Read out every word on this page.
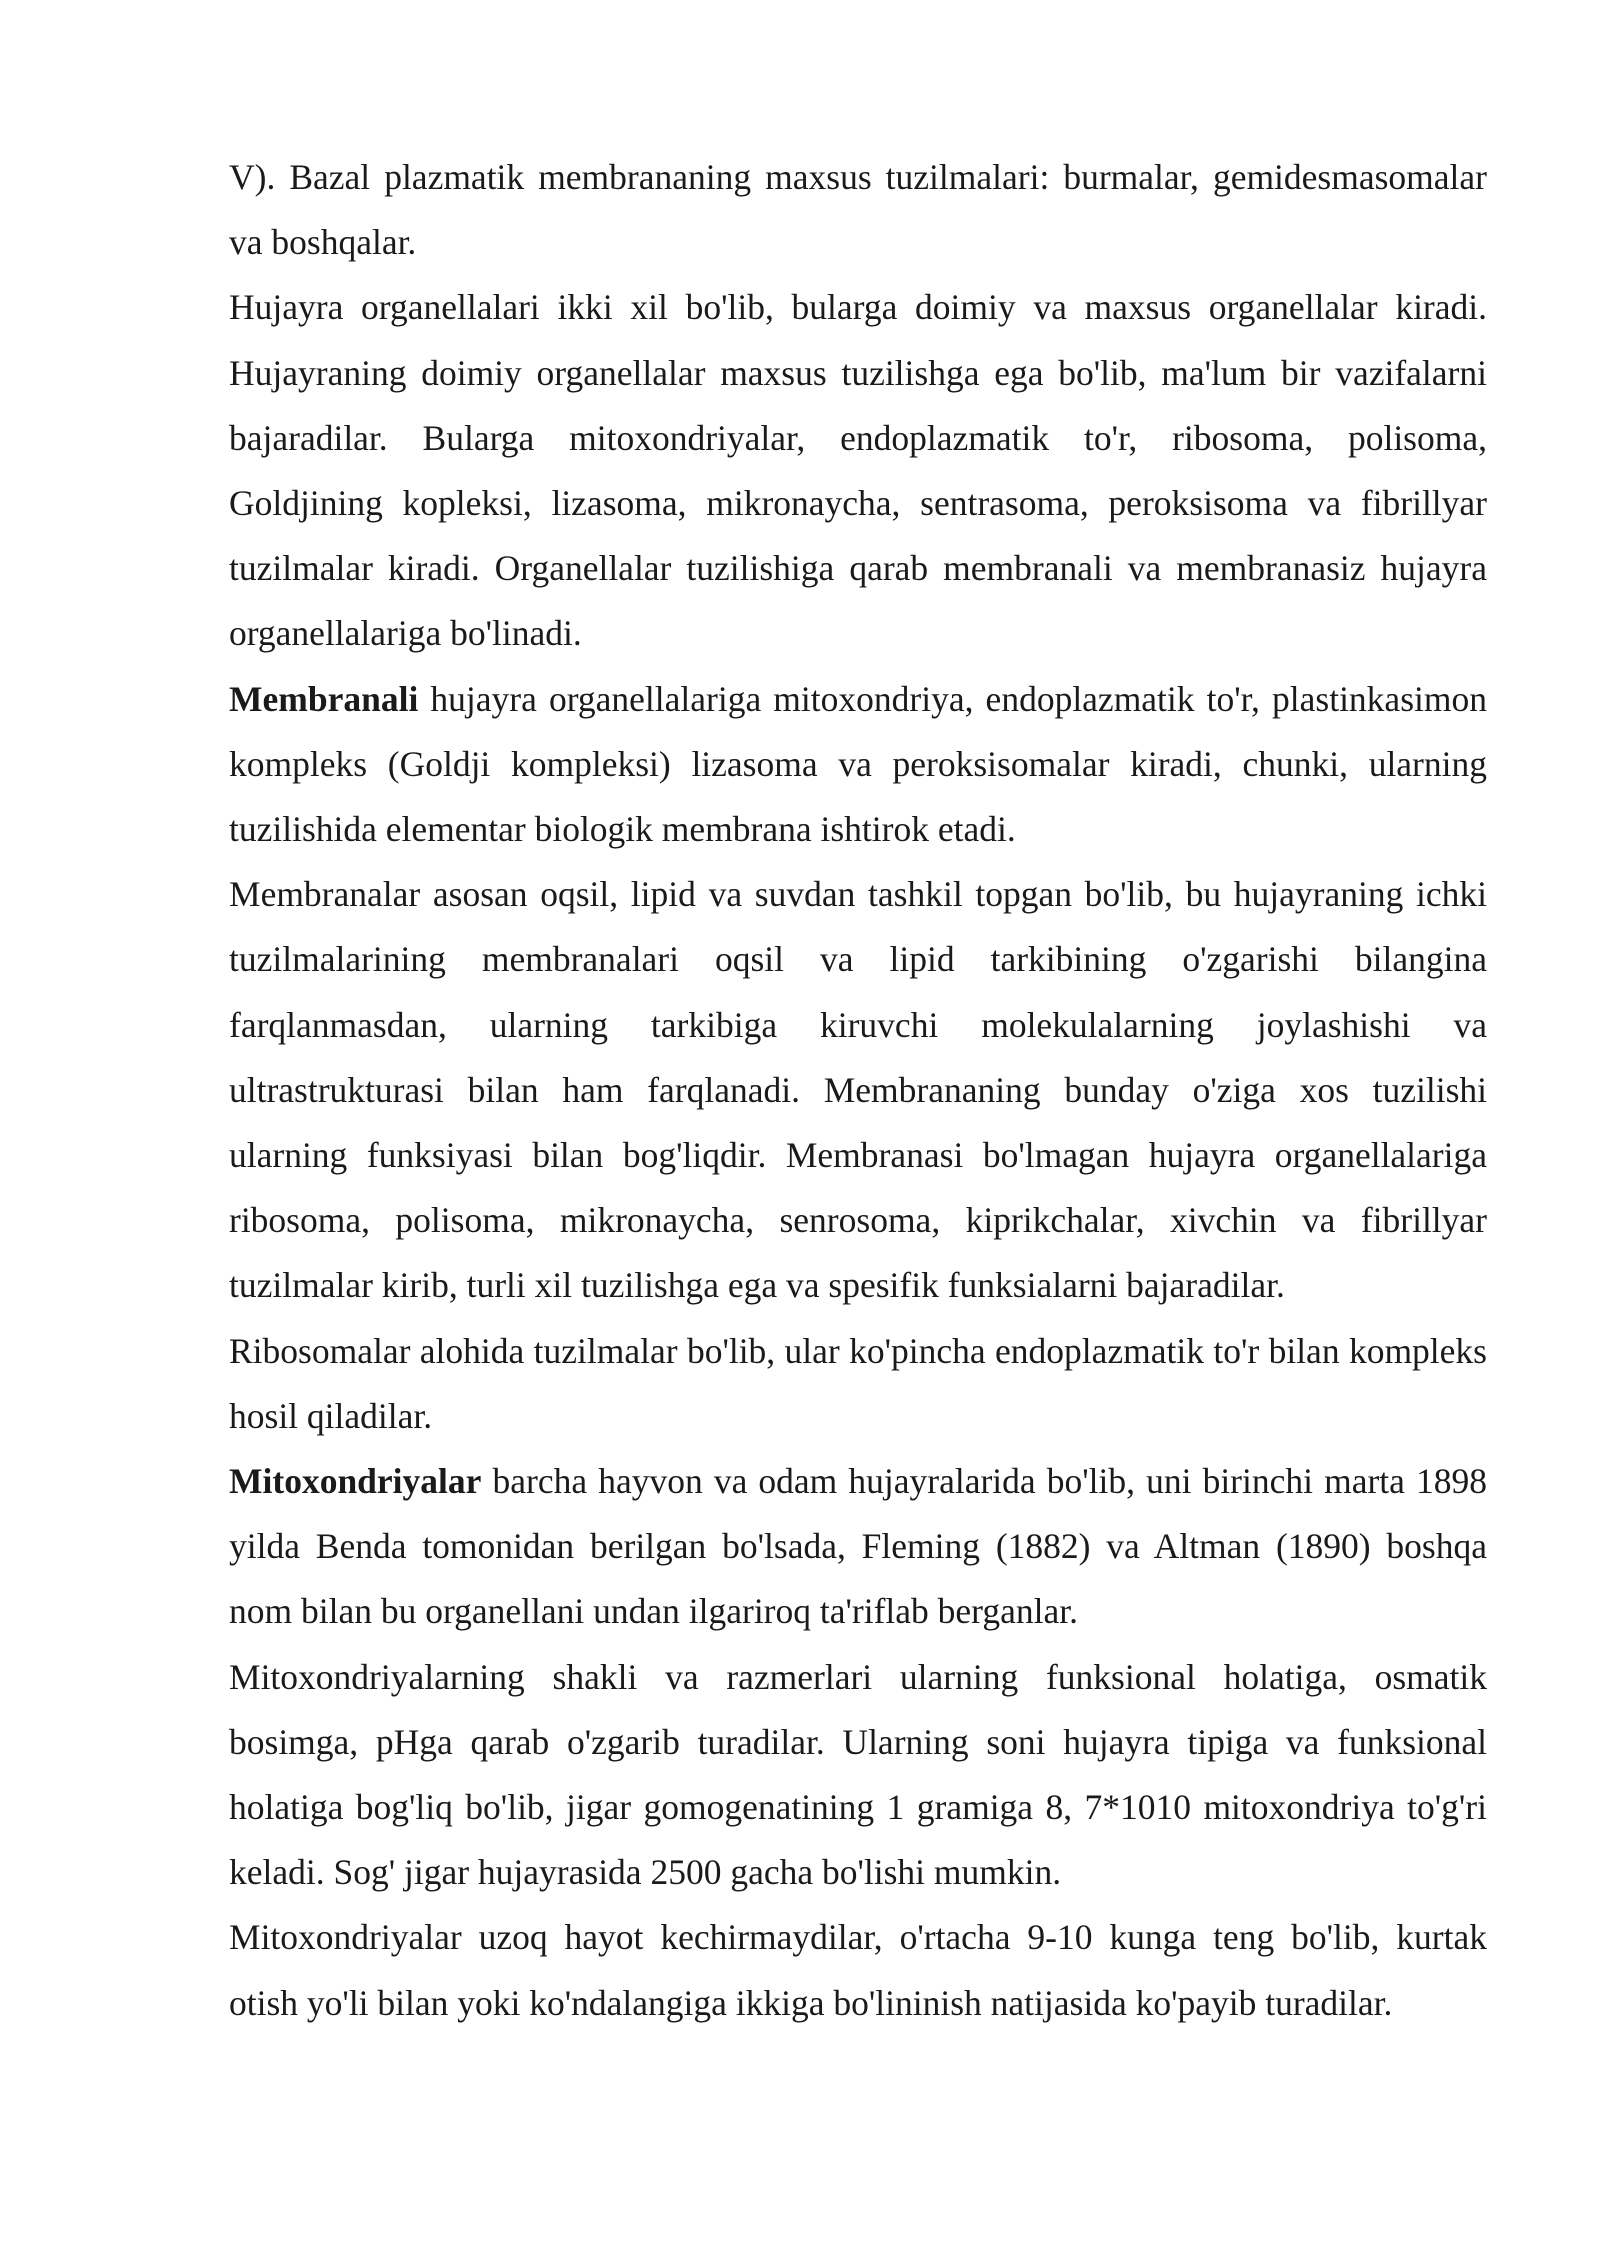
V). Bazal plazmatik membrananing maxsus tuzilmalari: burmalar, gemidesmasomalar va boshqalar.

Hujayra organellalari ikki xil bo'lib, bularga doimiy va maxsus organellalar kiradi. Hujayraning doimiy organellalar maxsus tuzilishga ega bo'lib, ma'lum bir vazifalarni bajaradilar. Bularga mitoxondriyalar, endoplazmatik to'r, ribosoma, polisoma, Goldjining kopleksi, lizasoma, mikronaycha, sentrasoma, peroksisoma va fibrillyar tuzilmalar kiradi. Organellalar tuzilishiga qarab membranali va membranasiz hujayra organellalariga bo'linadi.

Membranali hujayra organellalariga mitoxondriya, endoplazmatik to'r, plastinkasimon kompleks (Goldji kompleksi) lizasoma va peroksisomalar kiradi, chunki, ularning tuzilishida elementar biologik membrana ishtirok etadi.

Membranalar asosan oqsil, lipid va suvdan tashkil topgan bo'lib, bu hujayraning ichki tuzilmalarining membranalari oqsil va lipid tarkibining o'zgarishi bilangina farqlanmasdan, ularning tarkibiga kiruvchi molekulalarning joylashishi va ultrastrukturasi bilan ham farqlanadi. Membrananing bunday o'ziga xos tuzilishi ularning funksiyasi bilan bog'liqdir. Membranasi bo'lmagan hujayra organellalariga ribosoma, polisoma, mikronaycha, senrosoma, kiprikchalar, xivchin va fibrillyar tuzilmalar kirib, turli xil tuzilishga ega va spesifik funksialarni bajaradilar.

Ribosomalar alohida tuzilmalar bo'lib, ular ko'pincha endoplazmatik to'r bilan kompleks hosil qiladilar.

Mitoxondriyalar barcha hayvon va odam hujayralarida bo'lib, uni birinchi marta 1898 yilda Benda tomonidan berilgan bo'lsada, Fleming (1882) va Altman (1890) boshqa nom bilan bu organellani undan ilgariroq ta'riflab berganlar.

Mitoxondriyalarning shakli va razmerlari ularning funksional holatiga, osmatik bosimga, pHga qarab o'zgarib turadilar. Ularning soni hujayra tipiga va funksional holatiga bog'liq bo'lib, jigar gomogenatining 1 gramiga 8, 7*1010 mitoxondriya to'g'ri keladi. Sog' jigar hujayrasida 2500 gacha bo'lishi mumkin.

Mitoxondriyalar uzoq hayot kechirmaydilar, o'rtacha 9-10 kunga teng bo'lib, kurtak otish yo'li bilan yoki ko'ndalangiga ikkiga bo'lininish natijasida ko'payib turadilar.
